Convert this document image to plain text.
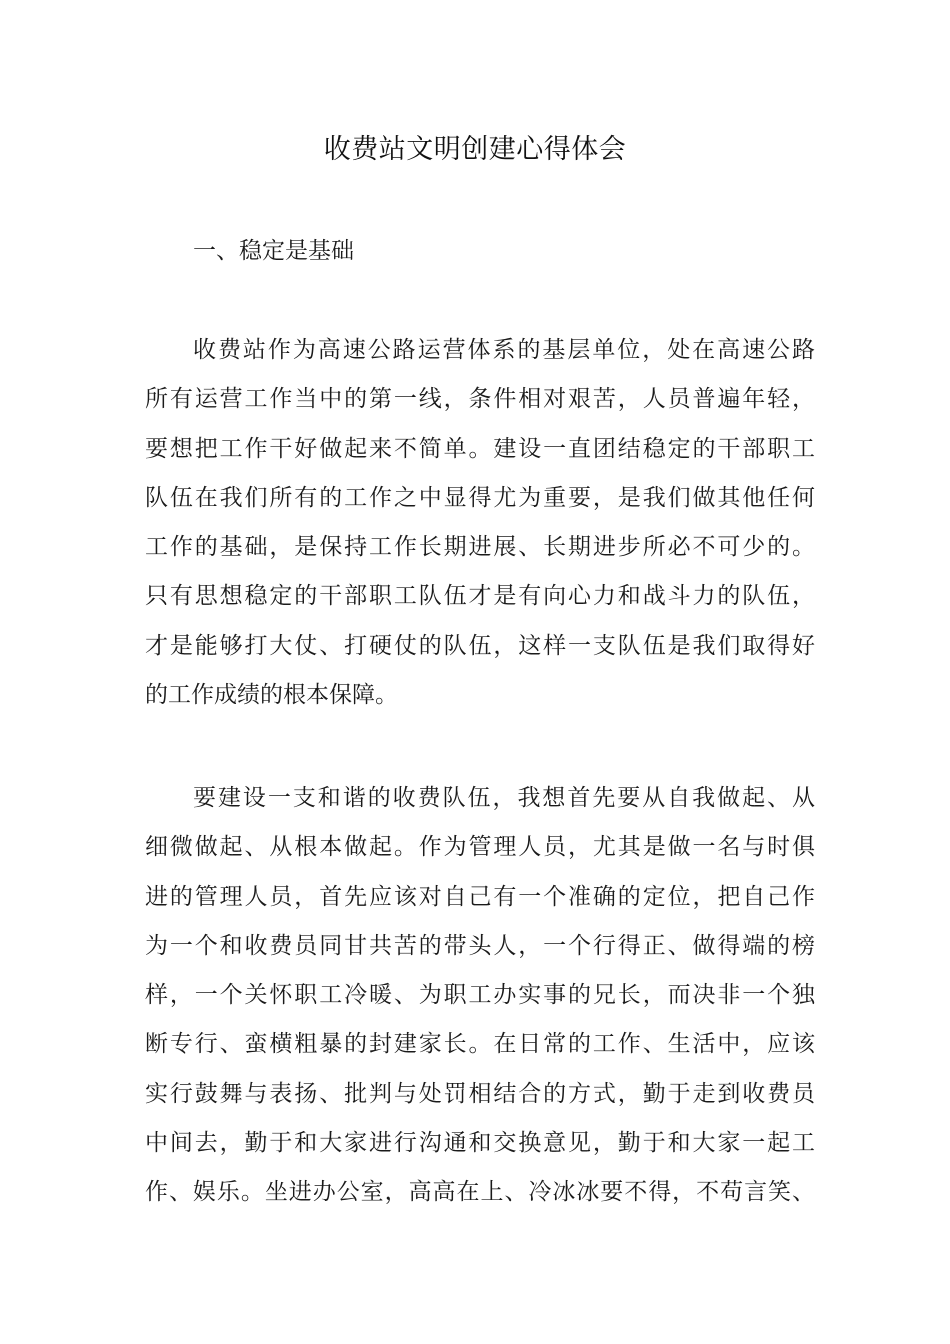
收费站文明创建心得体会
一、稳定是基础
收费站作为高速公路运营体系的基层单位，处在高速公路
所有运营工作当中的第一线，条件相对艰苦，人员普遍年轻，
要想把工作干好做起来不简单。建设一直团结稳定的干部职工
队伍在我们所有的工作之中显得尤为重要，是我们做其他任何
工作的基础，是保持工作长期进展、长期进步所必不可少的。
只有思想稳定的干部职工队伍才是有向心力和战斗力的队伍，
才是能够打大仗、打硬仗的队伍，这样一支队伍是我们取得好
的工作成绩的根本保障。
要建设一支和谐的收费队伍，我想首先要从自我做起、从
细微做起、从根本做起。作为管理人员，尤其是做一名与时俱
进的管理人员，首先应该对自己有一个准确的定位，把自己作
为一个和收费员同甘共苦的带头人，一个行得正、做得端的榜
样，一个关怀职工冷暖、为职工办实事的兄长，而决非一个独
断专行、蛮横粗暴的封建家长。在日常的工作、生活中，应该
实行鼓舞与表扬、批判与处罚相结合的方式，勤于走到收费员
中间去，勤于和大家进行沟通和交换意见，勤于和大家一起工
作、娱乐。坐进办公室，高高在上、冷冰冰要不得，不苟言笑、
